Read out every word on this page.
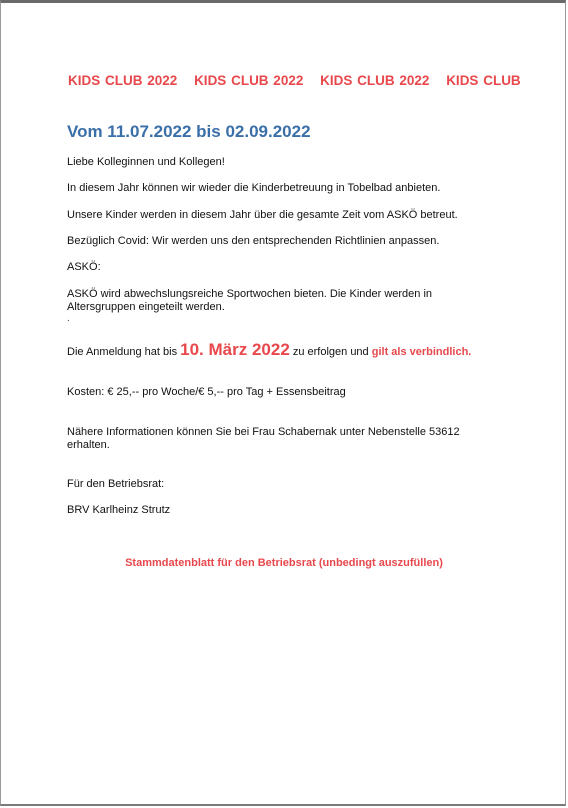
KIDS CLUB 2022 KIDS CLUB 2022 KIDS CLUB 2022 KIDS CLUB
Vom 11.07.2022 bis 02.09.2022
Liebe Kolleginnen und Kollegen!
In diesem Jahr können wir wieder die Kinderbetreuung in Tobelbad anbieten.
Unsere Kinder werden in diesem Jahr über die gesamte Zeit vom ASKÖ betreut.
Bezüglich Covid: Wir werden uns den entsprechenden Richtlinien anpassen.
ASKÖ:
ASKÖ wird abwechslungsreiche Sportwochen bieten. Die Kinder werden in
Altersgruppen eingeteilt werden.
.
Die Anmeldung hat bis 10. März 2022 zu erfolgen und gilt als verbindlich.
Kosten: € 25,-- pro Woche/€ 5,-- pro Tag + Essensbeitrag
Nähere Informationen können Sie bei Frau Schabernak unter Nebenstelle 53612
erhalten.
Für den Betriebsrat:
BRV Karlheinz Strutz
Stammdatenblatt für den Betriebsrat (unbedingt auszufüllen)
